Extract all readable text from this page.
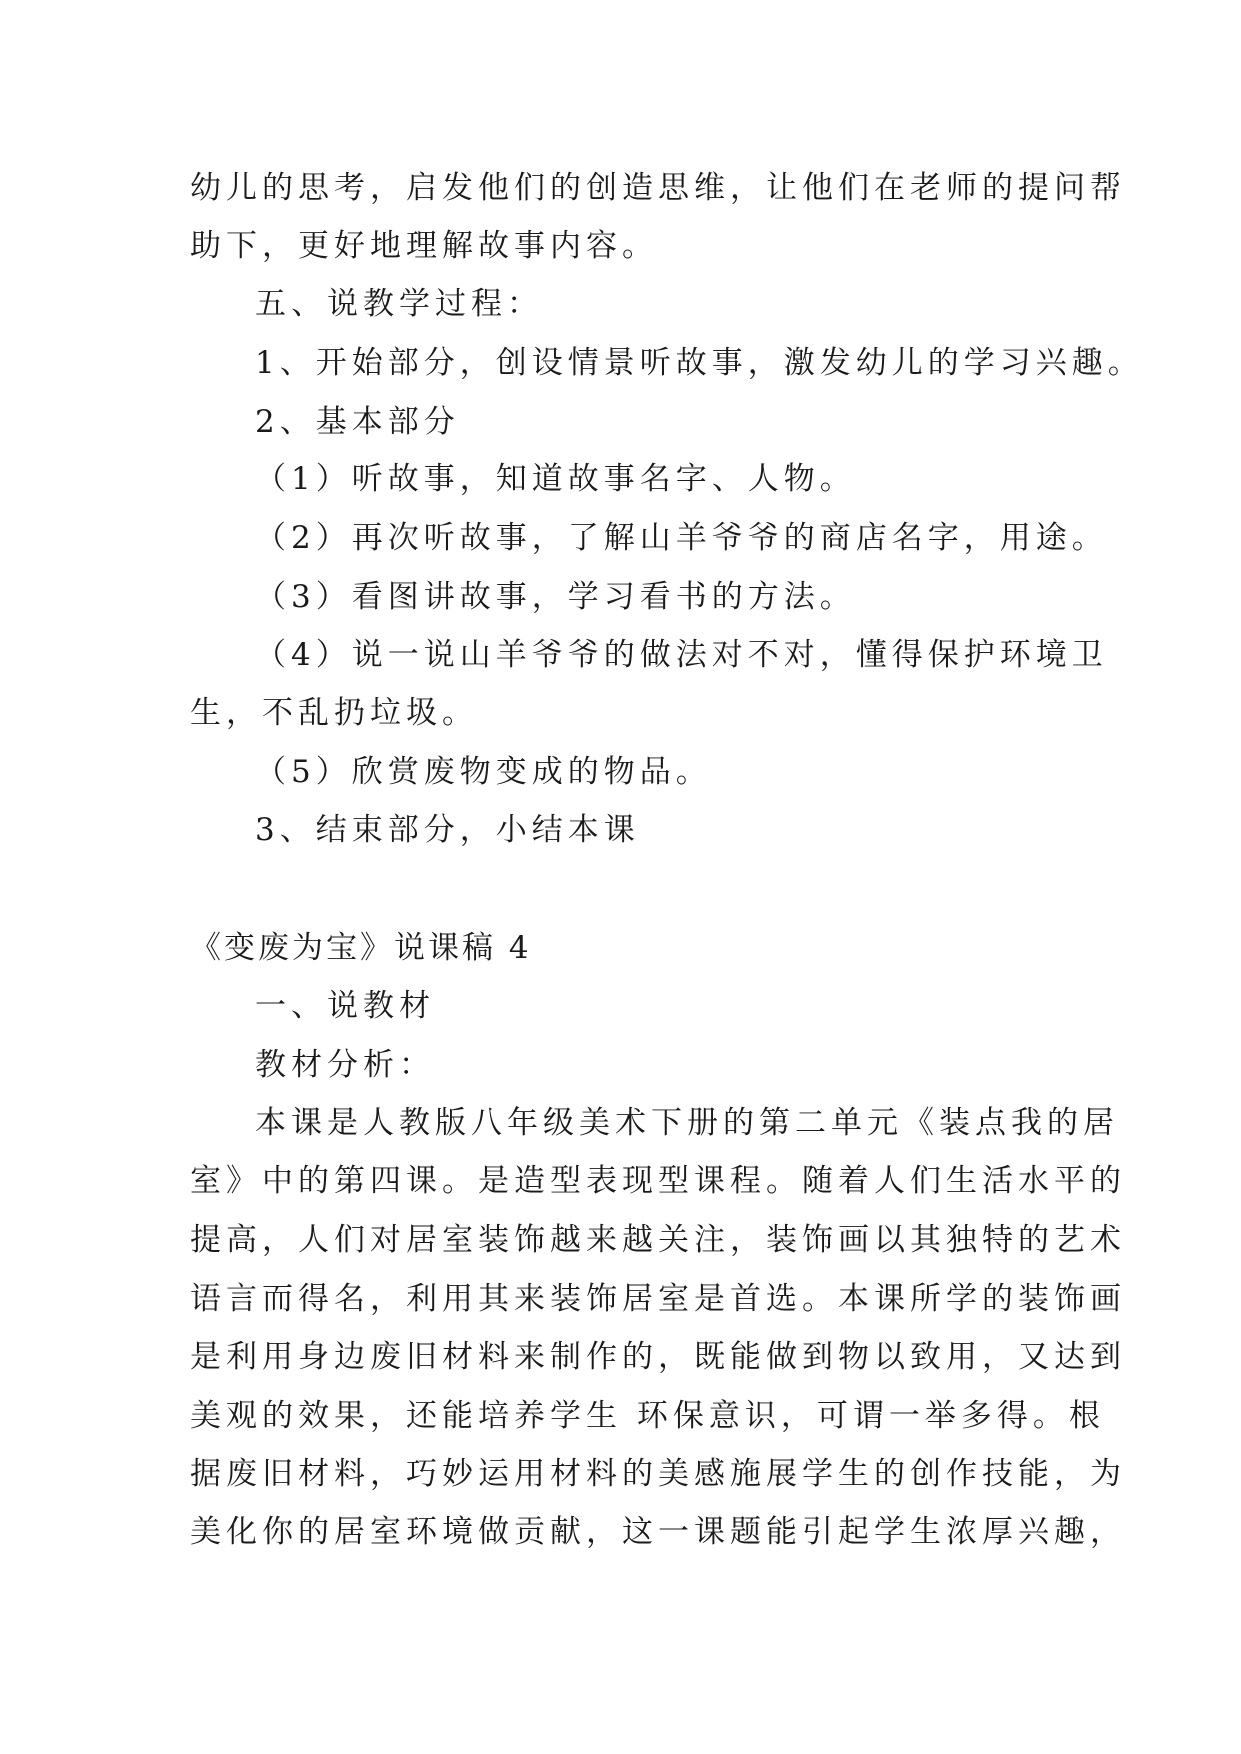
幼儿的思考，启发他们的创造思维，让他们在老师的提问帮
助下，更好地理解故事内容。
五、说教学过程：
1、开始部分，创设情景听故事，激发幼儿的学习兴趣。
2、基本部分
（1）听故事，知道故事名字、人物。
（2）再次听故事，了解山羊爷爷的商店名字，用途。
（3）看图讲故事，学习看书的方法。
（4）说一说山羊爷爷的做法对不对，懂得保护环境卫
生，不乱扔垃圾。
（5）欣赏废物变成的物品。
3、结束部分，小结本课
《变废为宝》说课稿 4
一、说教材
教材分析：
本课是人教版八年级美术下册的第二单元《装点我的居
室》中的第四课。是造型表现型课程。随着人们生活水平的
提高，人们对居室装饰越来越关注，装饰画以其独特的艺术
语言而得名，利用其来装饰居室是首选。本课所学的装饰画
是利用身边废旧材料来制作的，既能做到物以致用，又达到
美观的效果，还能培养学生 环保意识，可谓一举多得。根
据废旧材料，巧妙运用材料的美感施展学生的创作技能，为
美化你的居室环境做贡献，这一课题能引起学生浓厚兴趣，
